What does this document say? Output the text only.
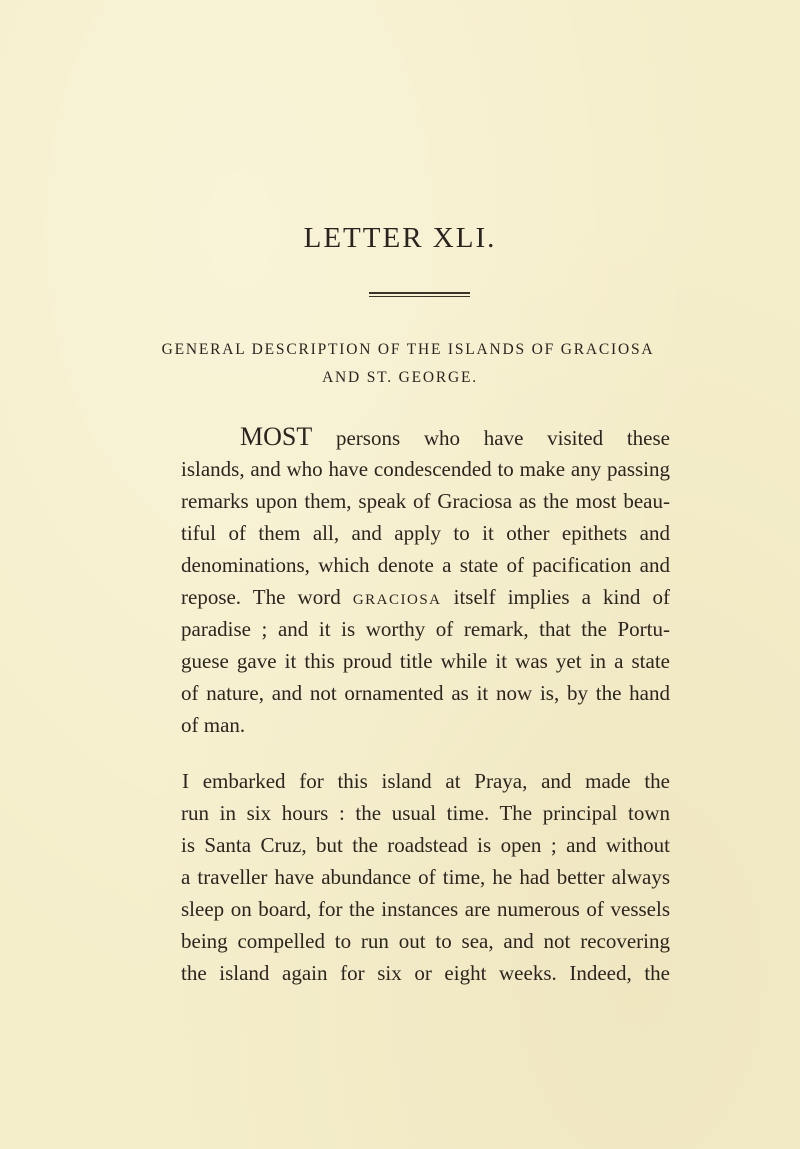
LETTER XLI.
GENERAL DESCRIPTION OF THE ISLANDS OF GRACIOSA
AND ST. GEORGE.
MOST persons who have visited these
islands, and who have condescended to make any passing
remarks upon them, speak of Graciosa as the most beau-
tiful of them all, and apply to it other epithets and
denominations, which denote a state of pacification and
repose. The word GRACIOSA itself implies a kind of
paradise ; and it is worthy of remark, that the Portu-
guese gave it this proud title while it was yet in a state
of nature, and not ornamented as it now is, by the hand
of man.
I embarked for this island at Praya, and made the
run in six hours : the usual time. The principal town
is Santa Cruz, but the roadstead is open ; and without
a traveller have abundance of time, he had better always
sleep on board, for the instances are numerous of vessels
being compelled to run out to sea, and not recovering
the island again for six or eight weeks. Indeed, the
